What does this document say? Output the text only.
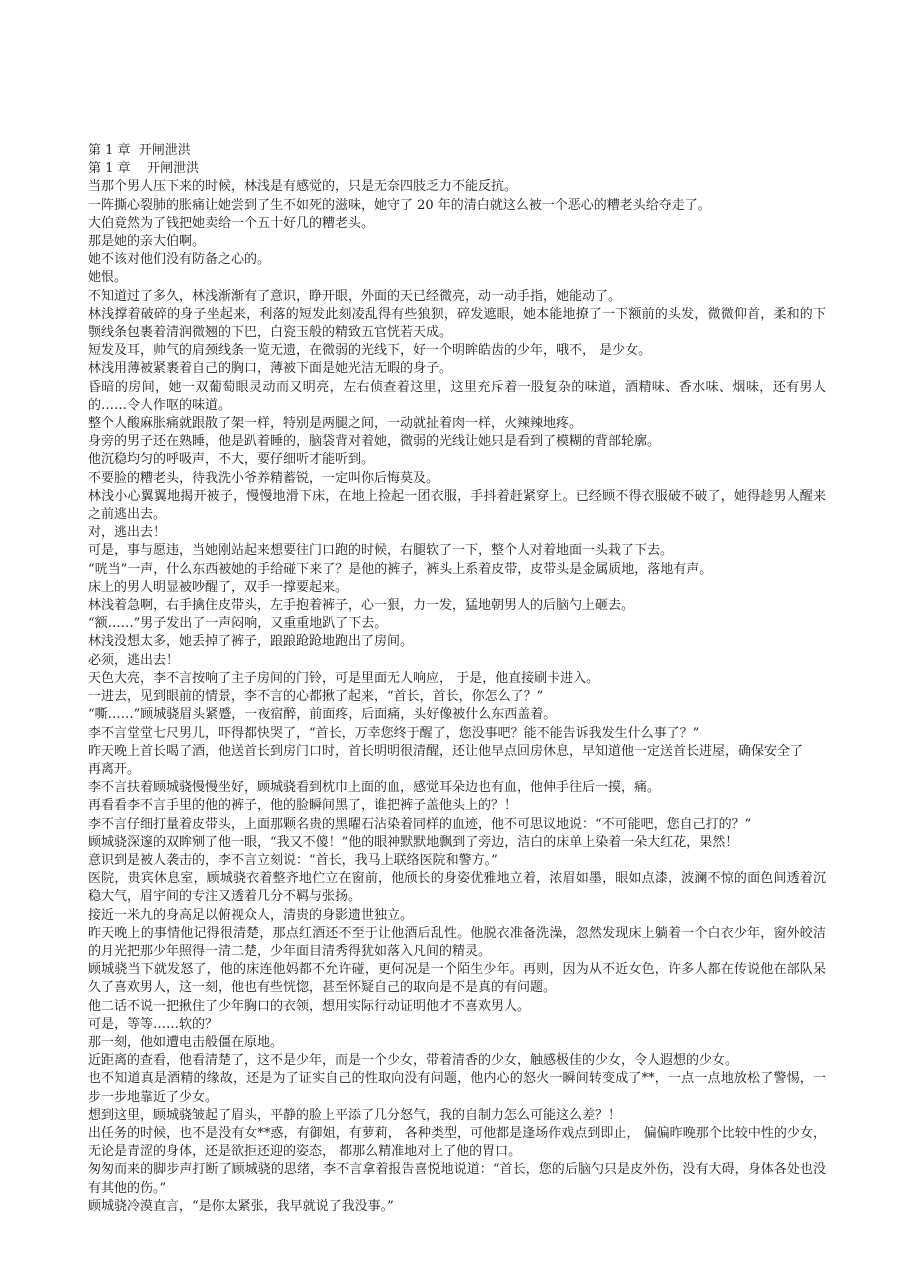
第 1 章  开闸泄洪

第 1 章    开闸泄洪

当那个男人压下来的时候，林浅是有感觉的，只是无奈四肢乏力不能反抗。

一阵撕心裂肺的胀痛让她尝到了生不如死的滋味，她守了 20 年的清白就这么被一个恶心的糟老头给夺走了。

大伯竟然为了钱把她卖给一个五十好几的糟老头。

那是她的亲大伯啊。

她不该对他们没有防备之心的。

她恨。

不知道过了多久，林浅渐渐有了意识，睁开眼，外面的天已经微亮，动一动手指，她能动了。

林浅撑着破碎的身子坐起来，利落的短发此刻凌乱得有些狼狈，碎发遮眼，她本能地撩了一下额前的头发，微微仰首，柔和的下颚线条包裹着清润微翘的下巴，白瓷玉般的精致五官恍若天成。

短发及耳，帅气的肩颈线条一览无遗，在微弱的光线下，好一个明眸皓齿的少年，哦不， 是少女。

林浅用薄被紧裹着自己的胸口，薄被下面是她光洁无暇的身子。

昏暗的房间，她一双葡萄眼灵动而又明亮，左右侦查着这里，这里充斥着一股复杂的味道，酒精味、香水味、烟味，还有男人的……令人作呕的味道。

整个人酸麻胀痛就跟散了架一样，特别是两腿之间，一动就扯着肉一样，火辣辣地疼。

身旁的男子还在熟睡，他是趴着睡的，脑袋背对着她，微弱的光线让她只是看到了模糊的背部轮廓。

他沉稳均匀的呼吸声，不大，要仔细听才能听到。

不要脸的糟老头，待我洗小爷养精蓄锐，一定叫你后悔莫及。

林浅小心翼翼地揭开被子，慢慢地滑下床，在地上捡起一团衣服，手抖着赶紧穿上。已经顾不得衣服破不破了，她得趁男人醒来之前逃出去。

对，逃出去！

可是，事与愿违，当她刚站起来想要往门口跑的时候，右腿软了一下，整个人对着地面一头栽了下去。

“咣当”一声，什么东西被她的手给碰下来了？是他的裤子，裤头上系着皮带，皮带头是金属质地，落地有声。

床上的男人明显被吵醒了，双手一撑要起来。

林浅着急啊，右手擒住皮带头，左手抱着裤子，心一狠，力一发，猛地朝男人的后脑勺上砸去。

“额……”男子发出了一声闷响，又重重地趴了下去。

林浅没想太多，她丢掉了裤子，踉踉跄跄地跑出了房间。

必须，逃出去！

天色大亮，李不言按响了主子房间的门铃，可是里面无人响应， 于是，他直接刷卡进入。

一进去，见到眼前的情景，李不言的心都揪了起来，“首长，首长，你怎么了？”

“嘶……”顾城骁眉头紧蹙，一夜宿醉，前面疼，后面痛，头好像被什么东西盖着。

李不言堂堂七尺男儿，吓得都快哭了，“首长，万幸您终于醒了，您没事吧？能不能告诉我发生什么事了？”

昨天晚上首长喝了酒，他送首长到房门口时，首长明明很清醒，还让他早点回房休息，早知道他一定送首长进屋，确保安全了

再离开。

李不言扶着顾城骁慢慢坐好，顾城骁看到枕巾上面的血，感觉耳朵边也有血，他伸手往后一摸，痛。

再看看李不言手里的他的裤子，他的脸瞬间黑了，谁把裤子盖他头上的？！

李不言仔细打量着皮带头，上面那颗名贵的黑曜石沾染着同样的血迹，他不可思议地说：“不可能吧，您自己打的？”

顾城骁深邃的双眸剜了他一眼，“我又不傻！”他的眼神默默地飘到了旁边，洁白的床单上染着一朵大红花，果然！

意识到是被人袭击的，李不言立刻说：“首长，我马上联络医院和警方。”

医院，贵宾休息室，顾城骁衣着整齐地伫立在窗前，他颀长的身姿优雅地立着，浓眉如墨，眼如点漆，波澜不惊的面色间透着沉稳大气，眉宇间的专注又透着几分不羁与张扬。

接近一米九的身高足以俯视众人，清贵的身影遗世独立。

昨天晚上的事情他记得很清楚，那点红酒还不至于让他酒后乱性。他脱衣准备洗澡，忽然发现床上躺着一个白衣少年，窗外皎洁的月光把那少年照得一清二楚，少年面目清秀得犹如落入凡间的精灵。

顾城骁当下就发怒了，他的床连他妈都不允许碰，更何况是一个陌生少年。再则，因为从不近女色，许多人都在传说他在部队呆久了喜欢男人，这一刻，他也有些恍惚，甚至怀疑自己的取向是不是真的有问题。

他二话不说一把揪住了少年胸口的衣领，想用实际行动证明他才不喜欢男人。

可是，等等……软的？

那一刻，他如遭电击般僵在原地。

近距离的查看，他看清楚了，这不是少年，而是一个少女，带着清香的少女，触感极佳的少女，令人遐想的少女。

也不知道真是酒精的缘故，还是为了证实自己的性取向没有问题，他内心的怒火一瞬间转变成了**，一点一点地放松了警惕，一步一步地靠近了少女。

想到这里，顾城骁皱起了眉头，平静的脸上平添了几分怒气，我的自制力怎么可能这么差？！

出任务的时候，也不是没有女**惑，有御姐，有萝莉， 各种类型，可他都是逢场作戏点到即止， 偏偏昨晚那个比较中性的少女，无论是青涩的身体，还是欲拒还迎的姿态， 都那么精准地对上了他的胃口。

匆匆而来的脚步声打断了顾城骁的思绪，李不言拿着报告喜悦地说道：“首长，您的后脑勺只是皮外伤，没有大碍，身体各处也没有其他的伤。”

顾城骁冷漠直言，“是你太紧张，我早就说了我没事。”
